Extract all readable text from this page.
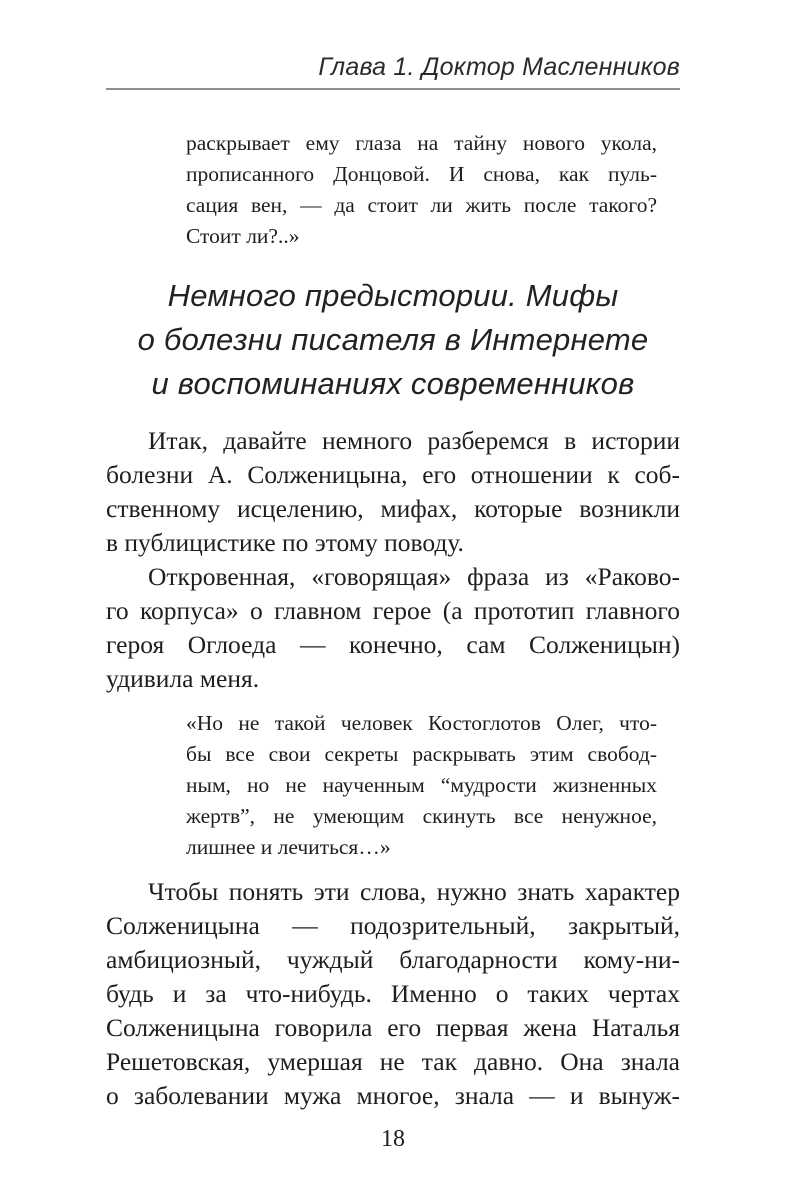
Глава 1. Доктор Масленников
раскрывает ему глаза на тайну нового укола,
прописанного Донцовой. И снова, как пуль-
сация вен, — да стоит ли жить после такого?
Стоит ли?..»
Немного предыстории. Мифы
о болезни писателя в Интернете
и воспоминаниях современников
Итак, давайте немного разберемся в истории
болезни А. Солженицына, его отношении к соб-
ственному исцелению, мифах, которые возникли
в публицистике по этому поводу.
Откровенная, «говорящая» фраза из «Раково-
го корпуса» о главном герое (а прототип главного
героя Оглоеда — конечно, сам Солженицын)
удивила меня.
«Но не такой человек Костоглотов Олег, что-
бы все свои секреты раскрывать этим свобод-
ным, но не наученным “мудрости жизненных
жертв”, не умеющим скинуть все ненужное,
лишнее и лечиться…»
Чтобы понять эти слова, нужно знать характер
Солженицына — подозрительный, закрытый,
амбициозный, чуждый благодарности кому-ни-
будь и за что-нибудь. Именно о таких чертах
Солженицына говорила его первая жена Наталья
Решетовская, умершая не так давно. Она знала
о заболевании мужа многое, знала — и вынуж-
18
